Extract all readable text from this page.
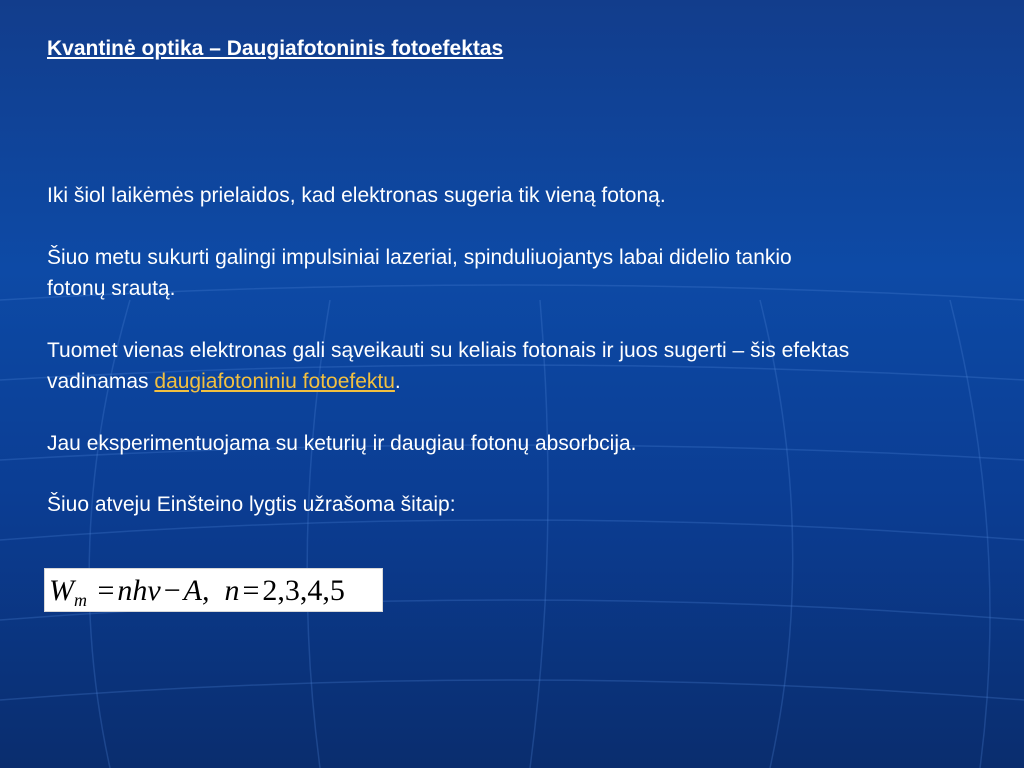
Kvantinė optika – Daugiafotoninis fotoefektas
Iki šiol laikėmės prielaidos, kad elektronas sugeria tik vieną fotoną.
Šiuo metu sukurti galingi impulsiniai lazeriai, spinduliuojantys labai didelio tankio
fotonų srautą.
Tuomet vienas elektronas gali sąveikauti su keliais fotonais ir juos sugerti – šis efektas
vadinamas daugiafotoniniu fotoefektu.
Jau eksperimentuojama su keturių ir daugiau fotonų absorbcija.
Šiuo atveju Einšteino lygtis užrašoma šitaip:
$W_m = nh\nu - A$, n = 2,3,4,5
